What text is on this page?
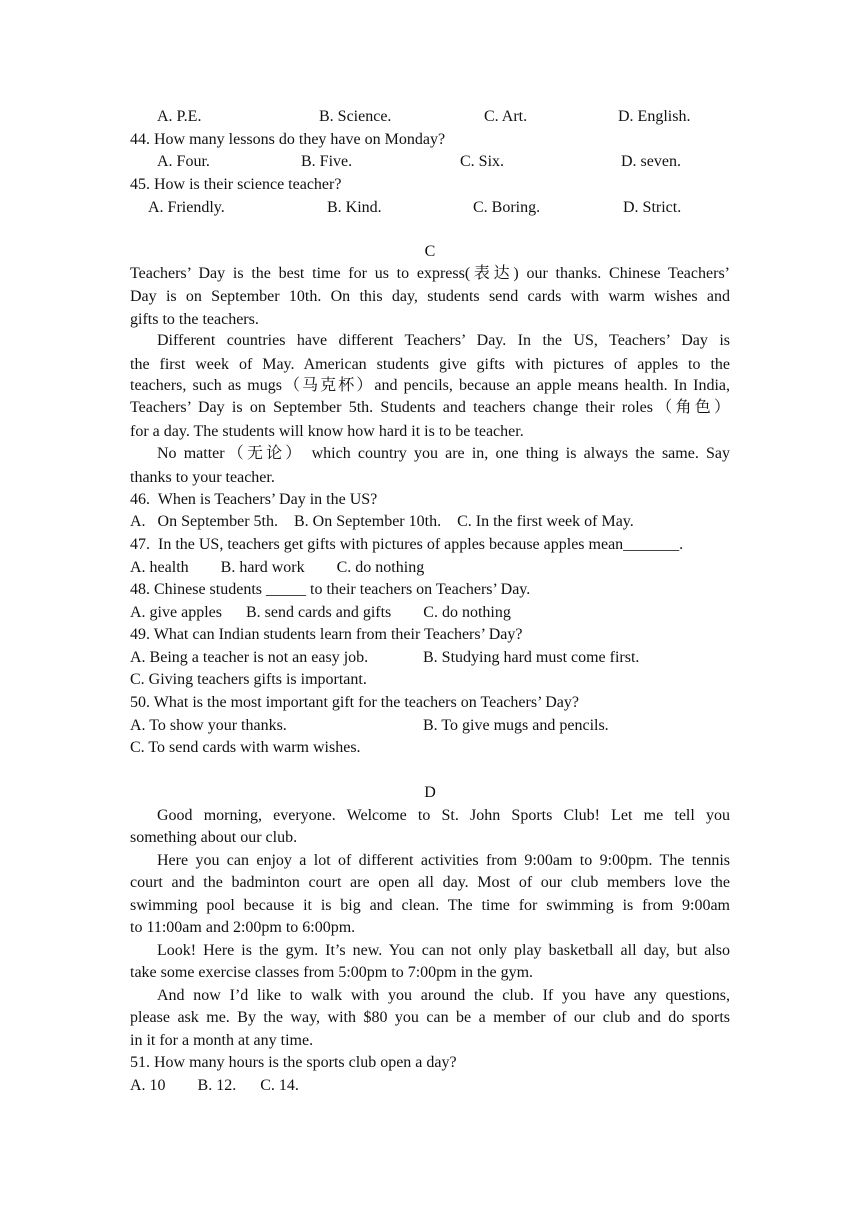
A. P.E.	B. Science.	C. Art.	D. English.
44. How many lessons do they have on Monday?
A. Four.	B. Five.	C. Six.	D. seven.
45. How is their science teacher?
A. Friendly.	B. Kind.	C. Boring.	D. Strict.
C
Teachers’ Day is the best time for us to express(表达) our thanks. Chinese Teachers’
Day is on September 10th. On this day, students send cards with warm wishes and
gifts to the teachers.
Different countries have different Teachers’ Day. In the US, Teachers’ Day is
the first week of May. American students give gifts with pictures of apples to the
teachers, such as mugs（马克杯）and pencils, because an apple means health. In India,
Teachers’ Day is on September 5th. Students and teachers change their roles（角色）
for a day. The students will know how hard it is to be teacher.
No matter（无论） which country you are in, one thing is always the same. Say
thanks to your teacher.
46.  When is Teachers’ Day in the US?
A.   On September 5th.    B. On September 10th.    C. In the first week of May.
47.  In the US, teachers get gifts with pictures of apples because apples mean_______.
A. health        B. hard work        C. do nothing
48. Chinese students _____ to their teachers on Teachers’ Day.
A. give apples      B. send cards and gifts        C. do nothing
49. What can Indian students learn from their Teachers’ Day?
A. Being a teacher is not an easy job.	B. Studying hard must come first.
C. Giving teachers gifts is important.
50. What is the most important gift for the teachers on Teachers’ Day?
A. To show your thanks.	B. To give mugs and pencils.
C. To send cards with warm wishes.
D
Good morning, everyone. Welcome to St. John Sports Club! Let me tell you
something about our club.
Here you can enjoy a lot of different activities from 9:00am to 9:00pm. The tennis
court and the badminton court are open all day. Most of our club members love the
swimming pool because it is big and clean. The time for swimming is from 9:00am
to 11:00am and 2:00pm to 6:00pm.
Look! Here is the gym. It’s new. You can not only play basketball all day, but also
take some exercise classes from 5:00pm to 7:00pm in the gym.
And now I’d like to walk with you around the club. If you have any questions,
please ask me. By the way, with $80 you can be a member of our club and do sports
in it for a month at any time.
51. How many hours is the sports club open a day?
A. 10        B. 12.      C. 14.
